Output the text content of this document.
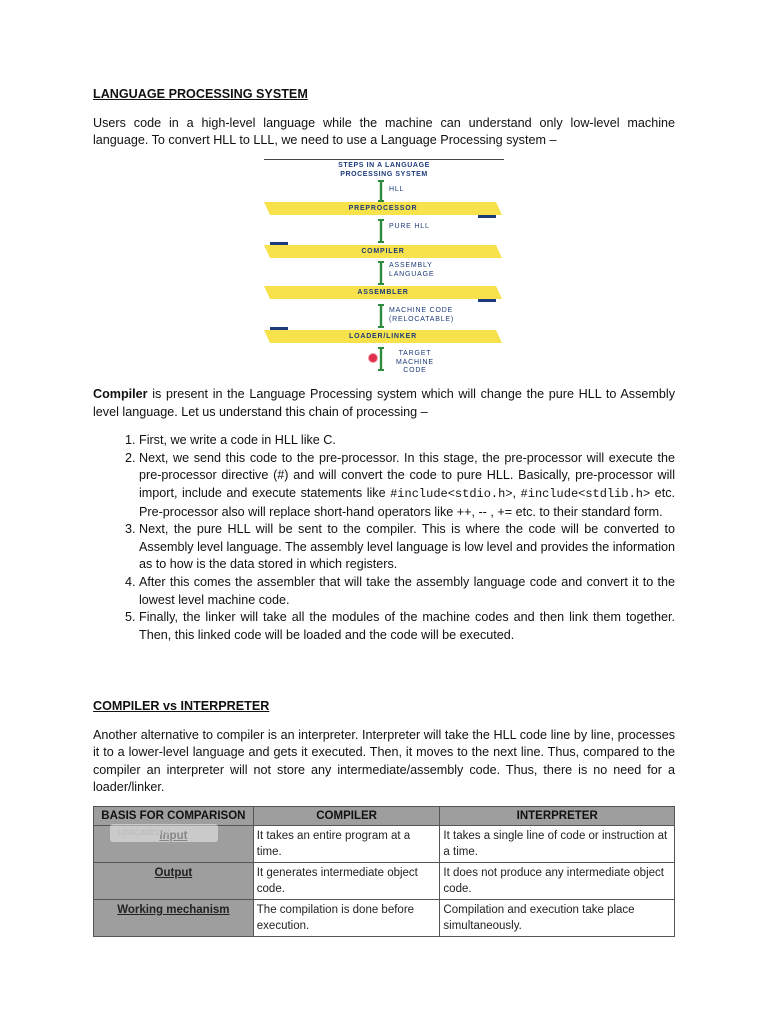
LANGUAGE PROCESSING SYSTEM

Users code in a high-level language while the machine can understand only low-level machine language. To convert HLL to LLL, we need to use a Language Processing system –

STEPS IN A LANGUAGE
PROCESSING SYSTEM
HLL
PREPROCESSOR
PURE HLL
COMPILER
ASSEMBLY
LANGUAGE
ASSEMBLER
MACHINE CODE
(RELOCATABLE)
LOADER/LINKER
TARGET
MACHINE
CODE

Compiler is present in the Language Processing system which will change the pure HLL to Assembly level language. Let us understand this chain of processing –

1. First, we write a code in HLL like C.
2. Next, we send this code to the pre-processor. In this stage, the pre-processor will execute the pre-processor directive (#) and will convert the code to pure HLL. Basically, pre-processor will import, include and execute statements like #include<stdio.h>, #include<stdlib.h> etc. Pre-processor also will replace short-hand operators like ++, -- , += etc. to their standard form.
3. Next, the pure HLL will be sent to the compiler. This is where the code will be converted to Assembly level language. The assembly level language is low level and provides the information as to how is the data stored in which registers.
4. After this comes the assembler that will take the assembly language code and convert it to the lowest level machine code.
5. Finally, the linker will take all the modules of the machine codes and then link them together. Then, this linked code will be loaded and the code will be executed.

COMPILER vs INTERPRETER

Another alternative to compiler is an interpreter. Interpreter will take the HLL code line by line, processes it to a lower-level language and gets it executed. Then, it moves to the next line. Thus, compared to the compiler an interpreter will not store any intermediate/assembly code. Thus, there is no need for a loader/linker.

BASIS FOR COMPARISON	COMPILER	INTERPRETER
Input	It takes an entire program at a time.	It takes a single line of code or instruction at a time.
Output	It generates intermediate object code.	It does not produce any intermediate object code.
Working mechanism	The compilation is done before execution.	Compilation and execution take place simultaneously.
unacademy
